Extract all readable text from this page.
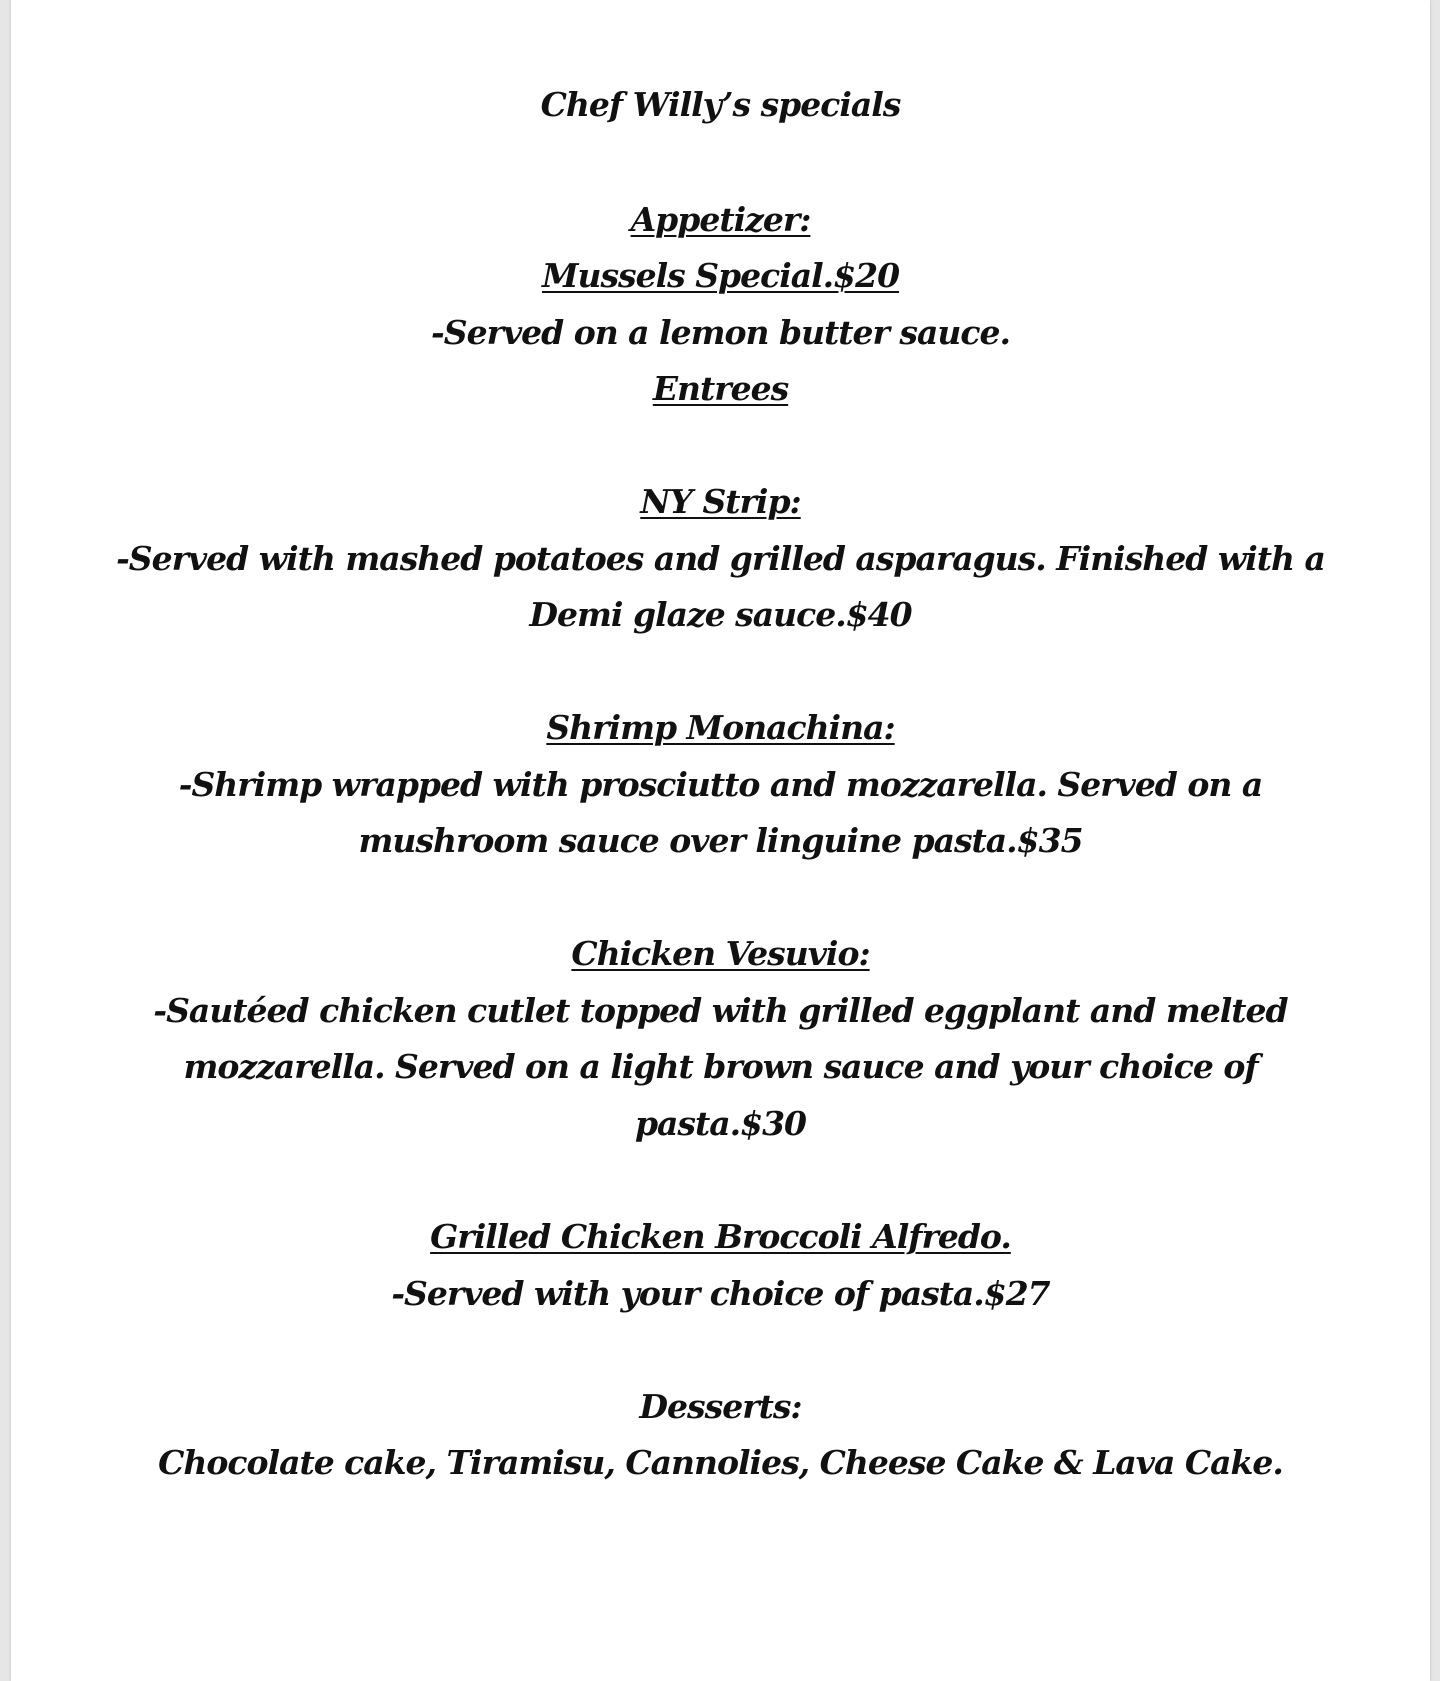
Chef Willy’s specials
Appetizer:
Mussels Special.$20
-Served on a lemon butter sauce.
Entrees
NY Strip:
-Served with mashed potatoes and grilled asparagus. Finished with a
Demi glaze sauce.$40
Shrimp Monachina:
-Shrimp wrapped with prosciutto and mozzarella. Served on a
mushroom sauce over linguine pasta.$35
Chicken Vesuvio:
-Sautéed chicken cutlet topped with grilled eggplant and melted
mozzarella. Served on a light brown sauce and your choice of
pasta.$30
Grilled Chicken Broccoli Alfredo.
-Served with your choice of pasta.$27
Desserts:
Chocolate cake, Tiramisu, Cannolies, Cheese Cake & Lava Cake.
